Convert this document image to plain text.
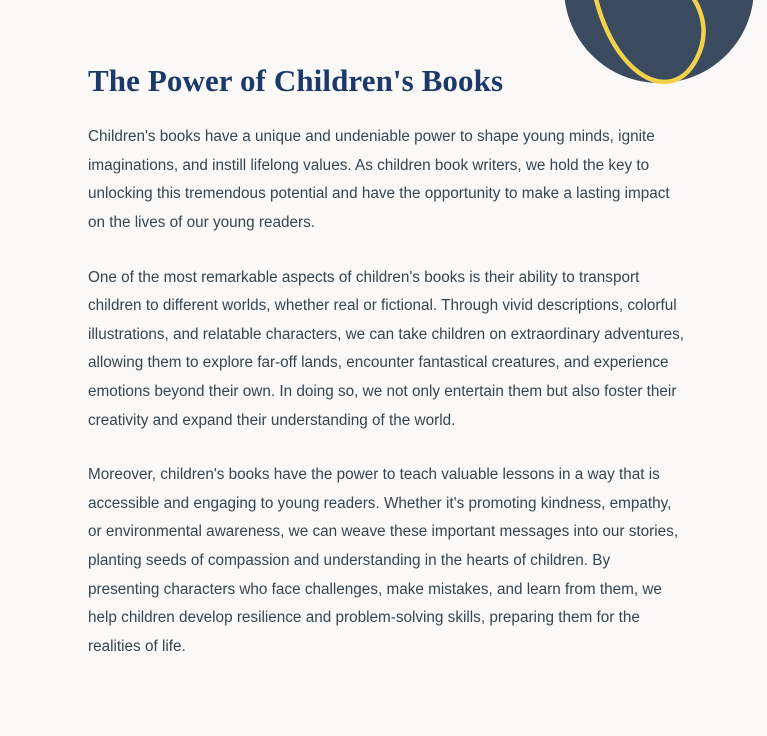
The Power of Children's Books

Children's books have a unique and undeniable power to shape young minds, ignite imaginations, and instill lifelong values. As children book writers, we hold the key to unlocking this tremendous potential and have the opportunity to make a lasting impact on the lives of our young readers.

One of the most remarkable aspects of children's books is their ability to transport children to different worlds, whether real or fictional. Through vivid descriptions, colorful illustrations, and relatable characters, we can take children on extraordinary adventures, allowing them to explore far-off lands, encounter fantastical creatures, and experience emotions beyond their own. In doing so, we not only entertain them but also foster their creativity and expand their understanding of the world.

Moreover, children's books have the power to teach valuable lessons in a way that is accessible and engaging to young readers. Whether it's promoting kindness, empathy, or environmental awareness, we can weave these important messages into our stories, planting seeds of compassion and understanding in the hearts of children. By presenting characters who face challenges, make mistakes, and learn from them, we help children develop resilience and problem-solving skills, preparing them for the realities of life.
